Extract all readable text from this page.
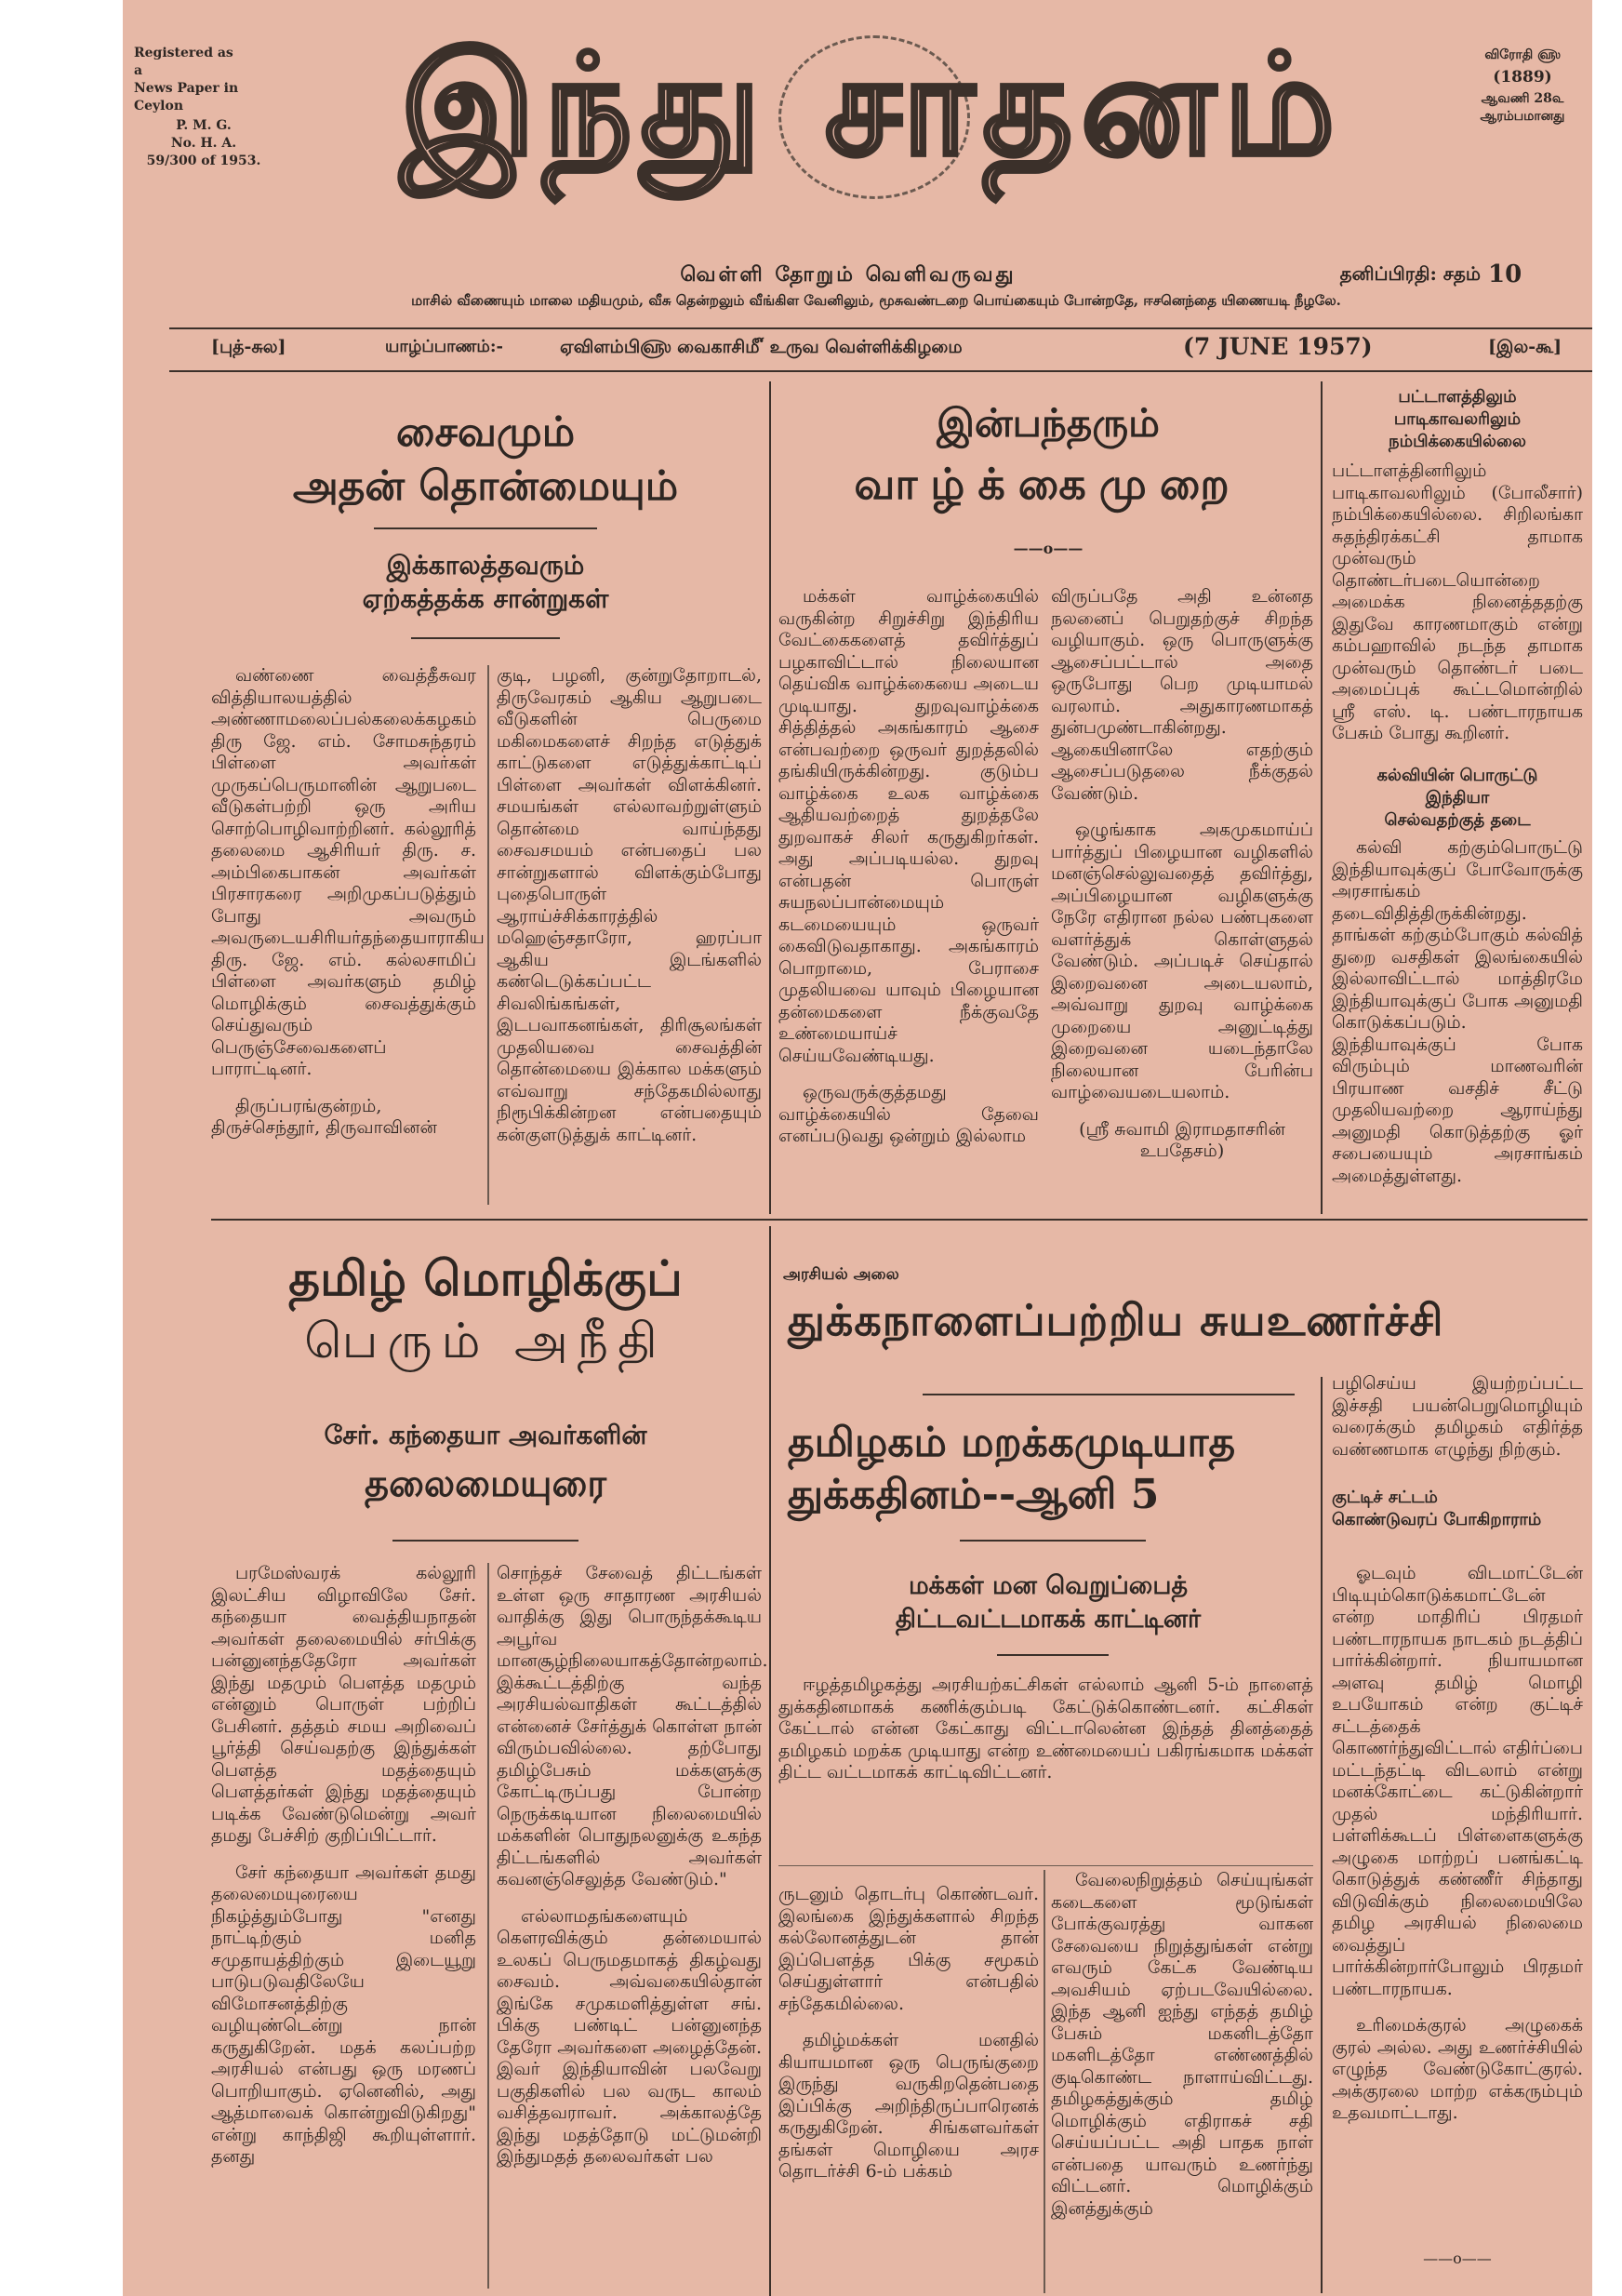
Registered as a
News Paper in
Ceylon
P. M. G.
No. H. A.
59/300 of 1953. இந்து சாதனம்	விரோதி ௵
(1889)
ஆவணி 28௳
ஆரம்பமானது
வெள்ளி தோறும் வெளிவருவது	தனிப்பிரதி: சதம் 10
மாசில் வீணையும் மாலை மதியமும், வீசு தென்றலும் வீங்கிள வேனிலும், மூசுவண்டறை பொய்கையும் போன்றதே, ஈசனெந்தை யிணையடி நீழலே.
[புத்-சுல]	யாழ்ப்பாணம்:-	ஏவிளம்பி௵ வைகாசி௴ உருவ வெள்ளிக்கிழமை	(7 JUNE 1957)	[இல-கூ]
சைவமும்
அதன் தொன்மையும்
இக்காலத்தவரும்
ஏற்கத்தக்க சான்றுகள்

வண்ணை வைத்தீசுவர வித்தியாலயத்தில் அண்ணாமலைப்பல்கலைக்கழகம் திரு ஜே. எம். சோமசுந்தரம் பிள்ளை அவர்கள் முருகப்பெருமானின் ஆறுபடை வீடுகள்பற்றி ஒரு அரிய சொற்பொழிவாற்றினர். கல்லூரித் தலைமை ஆசிரியர் திரு. ச. அம்பிகைபாகன் அவர்கள் பிரசாரகரை அறிமுகப்படுத்தும் போது அவரும் அவருடையசிரியர்தந்தையாராகிய திரு. ஜே. எம். கல்லசாமிப் பிள்ளை அவர்களும் தமிழ் மொழிக்கும் சைவத்துக்கும் செய்துவரும் பெருஞ்சேவைகளைப் பாராட்டினர்.

திருப்பரங்குன்றம், திருச்செந்தூர், திருவாவினன்

குடி, பழனி, குன்றுதோறாடல், திருவேரகம் ஆகிய ஆறுபடை வீடுகளின் பெருமை மகிமைகளைச் சிறந்த எடுத்துக் காட்டுகளை எடுத்துக்காட்டிப் பிள்ளை அவர்கள் விளக்கினர். சமயங்கள் எல்லாவற்றுள்ளும் தொன்மை வாய்ந்தது சைவசமயம் என்பதைப் பல சான்றுகளால் விளக்கும்போது புதைபொருள் ஆராய்ச்சிக்காரத்தில் மஹெஞ்சதாரோ, ஹரப்பா ஆகிய இடங்களில் கண்டெடுக்கப்பட்ட சிவலிங்கங்கள், இடபவாகனங்கள், திரிசூலங்கள் முதலியவை சைவத்தின் தொன்மையை இக்கால மக்களும் எவ்வாறு சந்தேகமில்லாது நிரூபிக்கின்றன என்பதையும் கன்குளடுத்துக் காட்டினர்.

இன்பந்தரும்
வாழ்க்கைமுறை
——o——

மக்கள் வாழ்க்கையில் வருகின்ற சிறுச்சிறு இந்திரிய வேட்கைகளைத் தவிர்த்துப் பழகாவிட்டால் நிலையான தெய்விக வாழ்க்கையை அடைய முடியாது. துறவுவாழ்க்கை சித்தித்தல் அகங்காரம் ஆசை என்பவற்றை ஒருவர் துறத்தலில் தங்கியிருக்கின்றது. குடும்ப வாழ்க்கை உலக வாழ்க்கை ஆதியவற்றைத் துறத்தலே துறவாகச் சிலர் கருதுகிறர்கள். அது அப்படியல்ல. துறவு என்பதன் பொருள் சுயநலப்பான்மையும் கடமையையும் ஒருவர் கைவிடுவதாகாது. அகங்காரம் பொறாமை, பேராசை முதலியவை யாவும் பிழையான தன்மைகளை நீக்குவதே உண்மையாய்ச் செய்யவேண்டியது.

ஒருவருக்குத்தமது வாழ்க்கையில் தேவை எனப்படுவது ஒன்றும் இல்லாம

விருப்பதே அதி உன்னத நலனைப் பெறுதற்குச் சிறந்த வழியாகும். ஒரு பொருளுக்கு ஆசைப்பட்டால் அதை ஒருபோது பெற முடியாமல் வரலாம். அதுகாரணமாகத் துன்பமுண்டாகின்றது. ஆகையினாலே எதற்கும் ஆசைப்படுதலை நீக்குதல் வேண்டும்.

ஒழுங்காக அகமுகமாய்ப் பார்த்துப் பிழையான வழிகளில் மனஞ்செல்லுவதைத் தவிர்த்து, அப்பிழையான வழிகளுக்கு நேரே எதிரான நல்ல பண்புகளை வளர்த்துக் கொள்ளுதல் வேண்டும். அப்படிச் செய்தால் இறைவனை அடையலாம், அவ்வாறு துறவு வாழ்க்கை முறையை அனுட்டித்து இறைவனை யடைந்தாலே நிலையான பேரின்ப வாழ்வையடையலாம்.

(ஸ்ரீ சுவாமி இராமதாசரின் உபதேசம்)

பட்டாளத்திலும்
பாடிகாவலரிலும்
நம்பிக்கையில்லை

பட்டாளத்தினரிலும் பாடிகாவலரிலும் (போலீசார்) நம்பிக்கையில்லை. சிறிலங்கா சுதந்திரக்கட்சி தாமாக முன்வரும் தொண்டர்படையொன்றை அமைக்க நினைத்ததற்கு இதுவே காரணமாகும் என்று கம்பஹாவில் நடந்த தாமாக முன்வரும் தொண்டர் படை அமைப்புக் கூட்டமொன்றில் ஸ்ரீ எஸ். டி. பண்டாரநாயக பேசும் போது கூறினர்.

கல்வியின் பொருட்டு
இந்தியா
செல்வதற்குத் தடை

கல்வி கற்கும்பொருட்டு இந்தியாவுக்குப் போவோருக்கு அரசாங்கம் தடைவிதித்திருக்கின்றது. தாங்கள் கற்கும்போகும் கல்வித் துறை வசதிகள் இலங்கையில் இல்லாவிட்டால் மாத்திரமே இந்தியாவுக்குப் போக அனுமதி கொடுக்கப்படும். இந்தியாவுக்குப் போக விரும்பும் மாணவரின் பிரயாண வசதிச் சீட்டு முதலியவற்றை ஆராய்ந்து அனுமதி கொடுத்தற்கு ஓர் சபையையும் அரசாங்கம் அமைத்துள்ளது.

தமிழ் மொழிக்குப்
பெரும் அநீதி
சேர். கந்தையா அவர்களின்
தலைமையுரை

பரமேஸ்வரக் கல்லூரி இலட்சிய விழாவிலே சேர். கந்தையா வைத்தியநாதன் அவர்கள் தலைமையில் சர்பிக்கு பன்னுனந்ததேரோ அவர்கள் இந்து மதமும் பௌத்த மதமும் என்னும் பொருள் பற்றிப் பேசினர். தத்தம் சமய அறிவைப் பூர்த்தி செய்வதற்கு இந்துக்கள் பௌத்த மதத்தையும் பௌத்தர்கள் இந்து மதத்தையும் படிக்க வேண்டுமென்று அவர் தமது பேச்சிற் குறிப்பிட்டார்.

சேர் கந்தையா அவர்கள் தமது தலைமையுரையை நிகழ்த்தும்போது "எனது நாட்டிற்கும் மனித சமுதாயத்திற்கும் இடையூறு பாடுபடுவதிலேயே விமோசனத்திற்கு வழியுண்டென்று நான் கருதுகிறேன். மதக் கலப்பற்ற அரசியல் என்பது ஒரு மரணப் பொறியாகும். ஏனெனில், அது ஆத்மாவைக் கொன்றுவிடுகிறது" என்று காந்திஜி கூறியுள்ளார். தனது

சொந்தச் சேவைத் திட்டங்கள் உள்ள ஒரு சாதாரண அரசியல் வாதிக்கு இது பொருந்தக்கூடிய அபூர்வ மானசூழ்நிலையாகத்தோன்றலாம். இக்கூட்டத்திற்கு வந்த அரசியல்வாதிகள் கூட்டத்தில் என்னைச் சேர்த்துக் கொள்ள நான் விரும்பவில்லை. தற்போது தமிழ்பேசும் மக்களுக்கு கோட்டிருப்பது போன்ற நெருக்கடியான நிலைமையில் மக்களின் பொதுநலனுக்கு உகந்த திட்டங்களில் அவர்கள் கவனஞ்செலுத்த வேண்டும்."

எல்லாமதங்களையும் கௌரவிக்கும் தன்மையால் உலகப் பெருமதமாகத் திகழ்வது சைவம். அவ்வகையில்தான் இங்கே சமுகமளித்துள்ள சங். பிக்கு பண்டிட் பன்னுனந்த தேரோ அவர்களை அழைத்தேன். இவர் இந்தியாவின் பலவேறு பகுதிகளில் பல வருட காலம் வசித்தவராவர். அக்காலத்தே இந்து மதத்தோடு மட்டுமன்றி இந்துமதத் தலைவர்கள் பல

அரசியல் அலை
துக்கநாளைப்பற்றிய சுயஉணர்ச்சி
தமிழகம் மறக்கமுடியாத
துக்கதினம்--ஆனி 5
மக்கள் மன வெறுப்பைத்
திட்டவட்டமாகக் காட்டினர்

ஈழத்தமிழகத்து அரசியற்கட்சிகள் எல்லாம் ஆனி 5-ம் நாளைத் துக்கதினமாகக் கணிக்கும்படி கேட்டுக்கொண்டனர். கட்சிகள் கேட்டால் என்ன கேட்காது விட்டாலென்ன இந்தத் தினத்தைத் தமிழகம் மறக்க முடியாது என்ற உண்மையைப் பகிரங்கமாக மக்கள் திட்ட வட்டமாகக் காட்டிவிட்டனர்.

ருடனும் தொடர்பு கொண்டவர். இலங்கை இந்துக்களால் சிறந்த கல்லோனத்துடன் தான் இப்பௌத்த பிக்கு சமூகம் செய்துள்ளார் என்பதில் சந்தேகமில்லை.

தமிழ்மக்கள் மனதில் கியாயமான ஒரு பெருங்குறை இருந்து வருகிறதென்பதை இப்பிக்கு அறிந்திருப்பாரெனக் கருதுகிறேன். சிங்களவர்கள் தங்கள் மொழியை அரச தொடர்ச்சி 6-ம் பக்கம்

வேலைநிறுத்தம் செய்யுங்கள் கடைகளை மூடுங்கள் போக்குவரத்து வாகன சேவையை நிறுத்துங்கள் என்று எவரும் கேட்க வேண்டிய அவசியம் ஏற்படவேயில்லை. இந்த ஆனி ஐந்து எந்தத் தமிழ் பேசும் மகனிடத்தோ மகளிடத்தோ எண்ணத்தில் குடிகொண்ட நாளாய்விட்டது. தமிழகத்துக்கும் தமிழ் மொழிக்கும் எதிராகச் சதி செய்யப்பட்ட அதி பாதக நாள் என்பதை யாவரும் உணர்ந்து விட்டனர். மொழிக்கும் இனத்துக்கும்

பழிசெய்ய இயற்றப்பட்ட இச்சதி பயன்பெறுமொழியும் வரைக்கும் தமிழகம் எதிர்த்த வண்ணமாக எழுந்து நிற்கும்.

குட்டிச் சட்டம்
கொண்டுவரப் போகிறாராம்

ஓடவும் விடமாட்டேன் பிடியும்கொடுக்கமாட்டேன் என்ற மாதிரிப் பிரதமர் பண்டாரநாயக நாடகம் நடத்திப் பார்க்கின்றார். நியாயமான அளவு தமிழ் மொழி உபயோகம் என்ற குட்டிச் சட்டத்தைக் கொணர்ந்துவிட்டால் எதிர்ப்பை மட்டந்தட்டி விடலாம் என்று மனக்கோட்டை கட்டுகின்றார் முதல் மந்திரியார். பள்ளிக்கூடப் பிள்ளைகளுக்கு அழுகை மாற்றப் பனங்கட்டி கொடுத்துக் கண்ணீர் சிந்தாது விடுவிக்கும் நிலைமையிலே தமிழ அரசியல் நிலைமை வைத்துப் பார்க்கின்றார்போலும் பிரதமர் பண்டாரநாயக.

உரிமைக்குரல் அழுகைக் குரல் அல்ல. அது உணர்ச்சியில் எழுந்த வேண்டுகோட்குரல். அக்குரலை மாற்ற எக்கரும்பும் உதவமாட்டாது.

——o——
